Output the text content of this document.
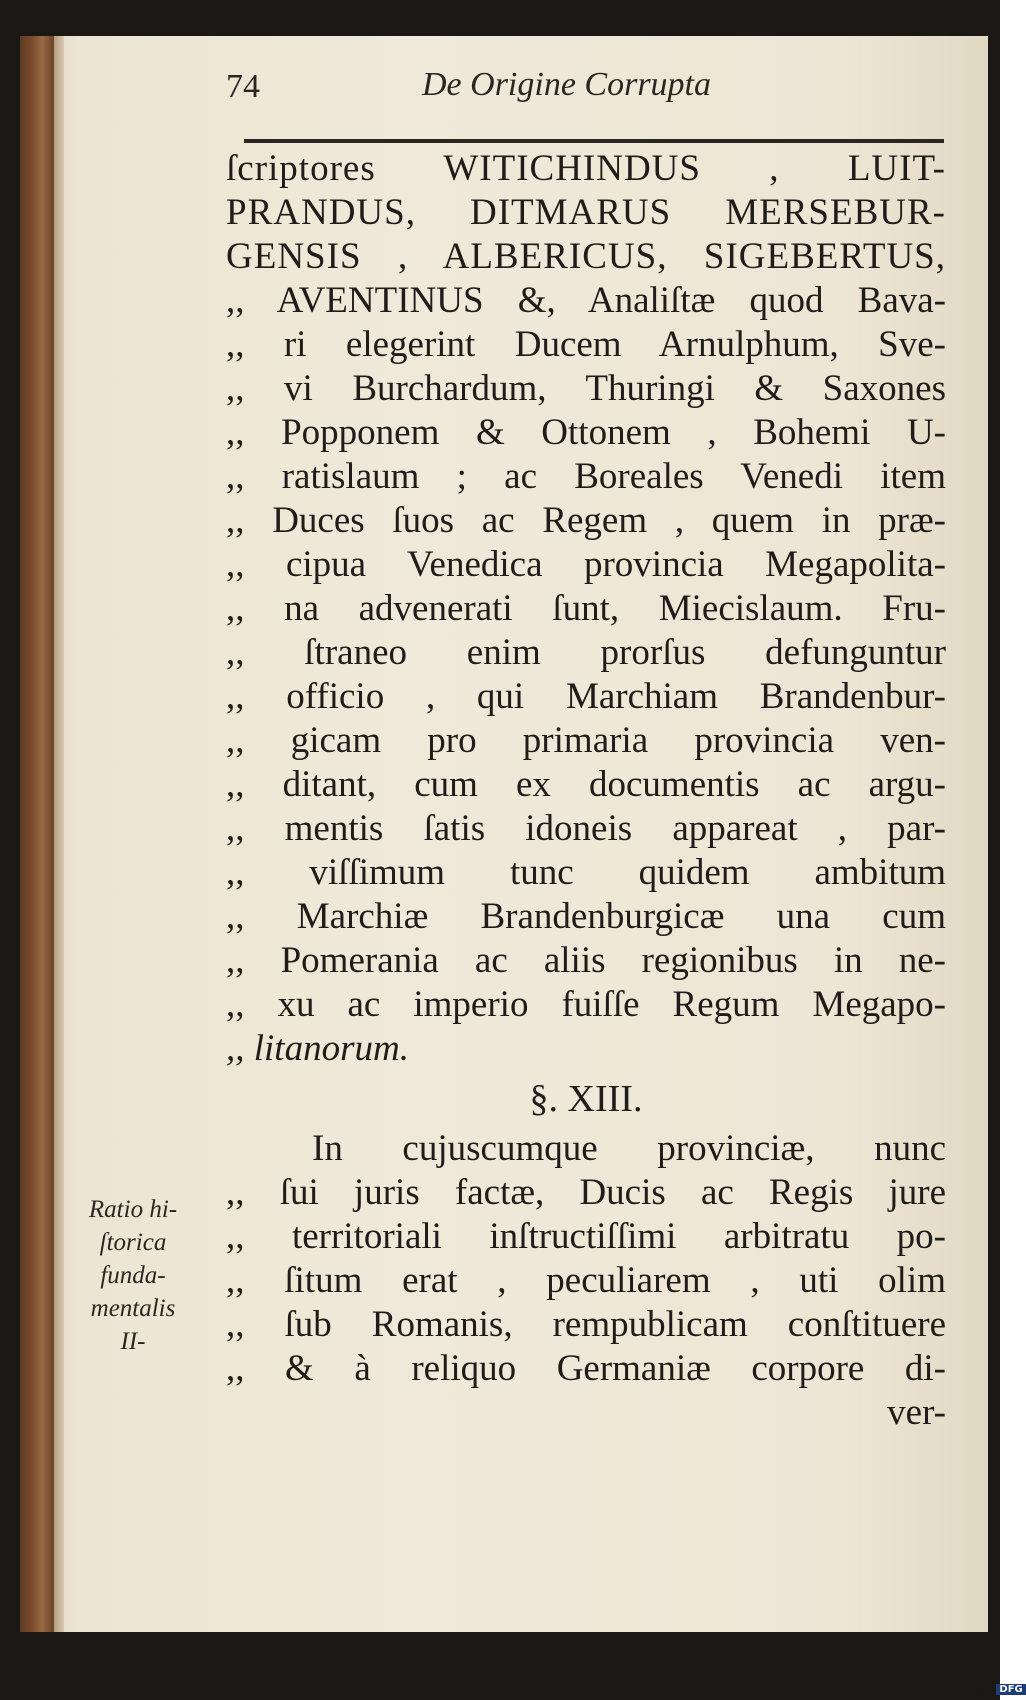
74	De Origine Corrupta
ſcriptores WITICHINDUS , LUIT-
PRANDUS, DITMARUS MERSEBUR-
GENSIS , ALBERICUS, SIGEBERTUS,
,, AVENTINUS &, Analiſtæ quod Bava-
,, ri elegerint Ducem Arnulphum, Sve-
,, vi Burchardum, Thuringi & Saxones
,, Popponem & Ottonem , Bohemi U-
,, ratislaum ; ac Boreales Venedi item
,, Duces ſuos ac Regem , quem in præ-
,, cipua Venedica provincia Megapolita-
,, na advenerati ſunt, Miecislaum. Fru-
,, ſtraneo enim prorſus defunguntur
,, officio , qui Marchiam Brandenbur-
,, gicam pro primaria provincia ven-
,, ditant, cum ex documentis ac argu-
,, mentis ſatis idoneis appareat , par-
,, viſſimum tunc quidem ambitum
,, Marchiæ Brandenburgicæ una cum
,, Pomerania ac aliis regionibus in ne-
,, xu ac imperio fuiſſe Regum Megapo-
,, litanorum.
§. XIII.
In cujuscumque provinciæ, nunc
,, ſui juris factæ, Ducis ac Regis jure
,, territoriali inſtructiſſimi arbitratu po-
,, ſitum erat , peculiarem , uti olim
,, ſub Romanis, rempublicam conſtituere
,, & à reliquo Germaniæ corpore di-
ver-
Ratio hi-
ſtorica
funda-
mentalis
II-
Digitalisierung gefördert durch die Deutsche Forschungsgemeinschaft - DFG
